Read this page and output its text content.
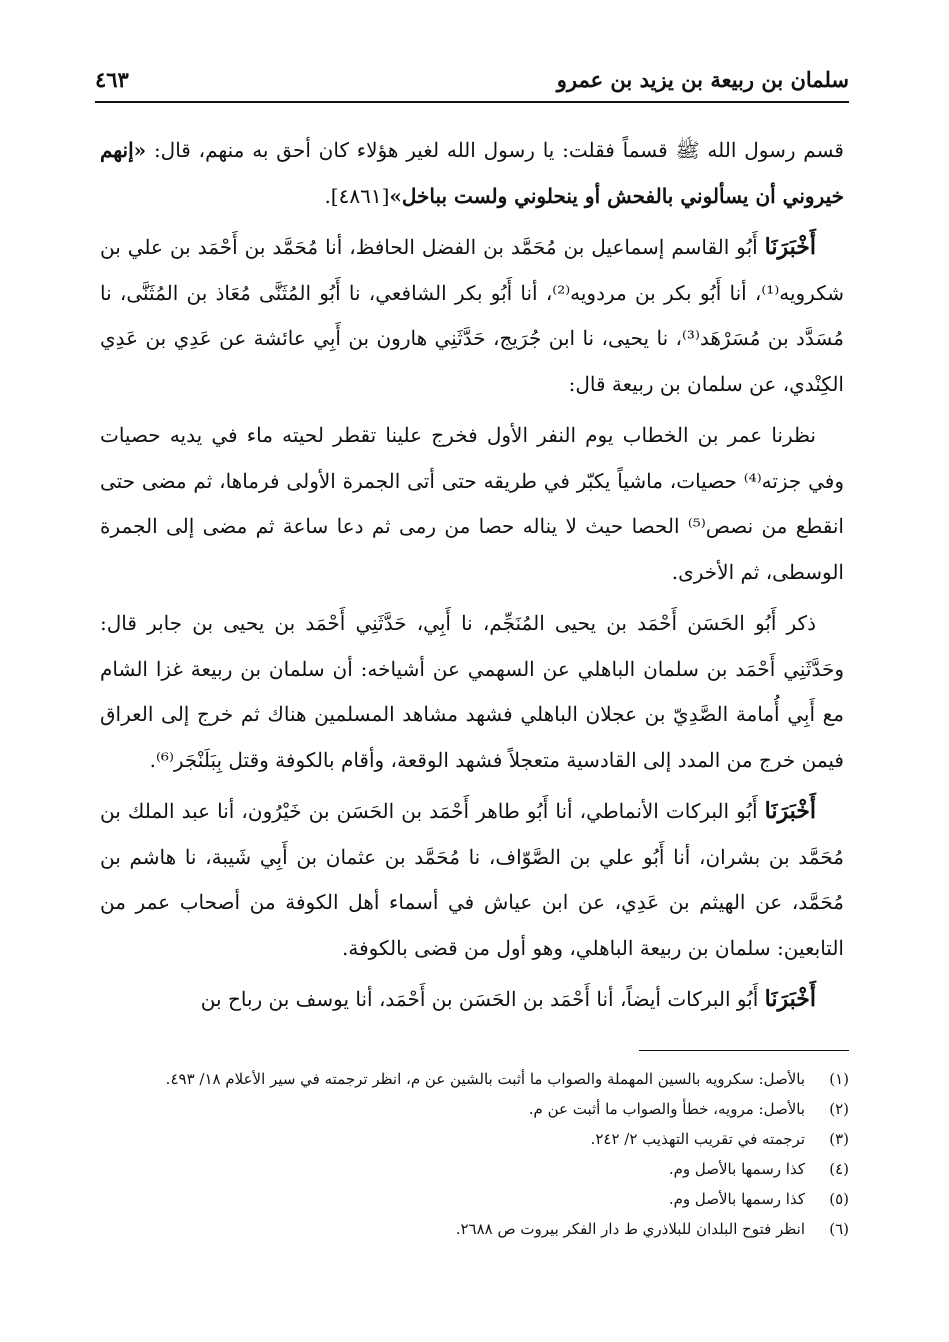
سلمان بن ربيعة بن يزيد بن عمرو
٤٦٣

قسم رسول الله ﷺ قسماً فقلت: يا رسول الله لغير هؤلاء كان أحق به منهم، قال: «إنهم خيروني أن يسألوني بالفحش أو ينحلوني ولست بباخل»[٤٨٦١].

أَخْبَرَنَا أَبُو القاسم إسماعيل بن مُحَمَّد بن الفضل الحافظ، أنا مُحَمَّد بن أَحْمَد بن علي بن شكرويه⁽¹⁾، أنا أَبُو بكر بن مردويه⁽²⁾، أنا أَبُو بكر الشافعي، نا أَبُو المُثَنَّى مُعَاذ بن المُثَنَّى، نا مُسَدَّد بن مُسَرْهَد⁽³⁾، نا يحيى، نا ابن جُرَيج، حَدَّثَنِي هارون بن أَبِي عائشة عن عَدِي بن عَدِي الكِنْدي، عن سلمان بن ربيعة قال:

نظرنا عمر بن الخطاب يوم النفر الأول فخرج علينا تقطر لحيته ماء في يديه حصيات وفي جزته⁽⁴⁾ حصيات، ماشياً يكبّر في طريقه حتى أتى الجمرة الأولى فرماها، ثم مضى حتى انقطع من نصص⁽⁵⁾ الحصا حيث لا يناله حصا من رمى ثم دعا ساعة ثم مضى إلى الجمرة الوسطى، ثم الأخرى.

ذكر أَبُو الحَسَن أَحْمَد بن يحيى المُنَجِّم، نا أَبِي، حَدَّثَنِي أَحْمَد بن يحيى بن جابر قال: وحَدَّثَنِي أَحْمَد بن سلمان الباهلي عن السهمي عن أشياخه: أن سلمان بن ربيعة غزا الشام مع أَبِي أُمامة الصَّدِيّ بن عجلان الباهلي فشهد مشاهد المسلمين هناك ثم خرج إلى العراق فيمن خرج من المدد إلى القادسية متعجلاً فشهد الوقعة، وأقام بالكوفة وقتل بِبَلَنْجَر⁽⁶⁾.

أَخْبَرَنَا أَبُو البركات الأنماطي، أنا أَبُو طاهر أَحْمَد بن الحَسَن بن خَيْرُون، أنا عبد الملك بن مُحَمَّد بن بشران، أنا أَبُو علي بن الصَّوّاف، نا مُحَمَّد بن عثمان بن أَبِي شَيبة، نا هاشم بن مُحَمَّد، عن الهيثم بن عَدِي، عن ابن عياش في أسماء أهل الكوفة من أصحاب عمر من التابعين: سلمان بن ربيعة الباهلي، وهو أول من قضى بالكوفة.

أَخْبَرَنَا أَبُو البركات أيضاً، أنا أَحْمَد بن الحَسَن بن أَحْمَد، أنا يوسف بن رباح بن

(١)
بالأصل: سكرويه بالسين المهملة والصواب ما أثبت بالشين عن م، انظر ترجمته في سير الأعلام ١٨/ ٤٩٣.
(٢)
بالأصل: مرويه، خطأ والصواب ما أثبت عن م.
(٣)
ترجمته في تقريب التهذيب ٢/ ٢٤٢.
(٤)
كذا رسمها بالأصل وم.
(٥)
كذا رسمها بالأصل وم.
(٦)
انظر فتوح البلدان للبلاذري ط دار الفكر بيروت ص ٢٦٨٨.
